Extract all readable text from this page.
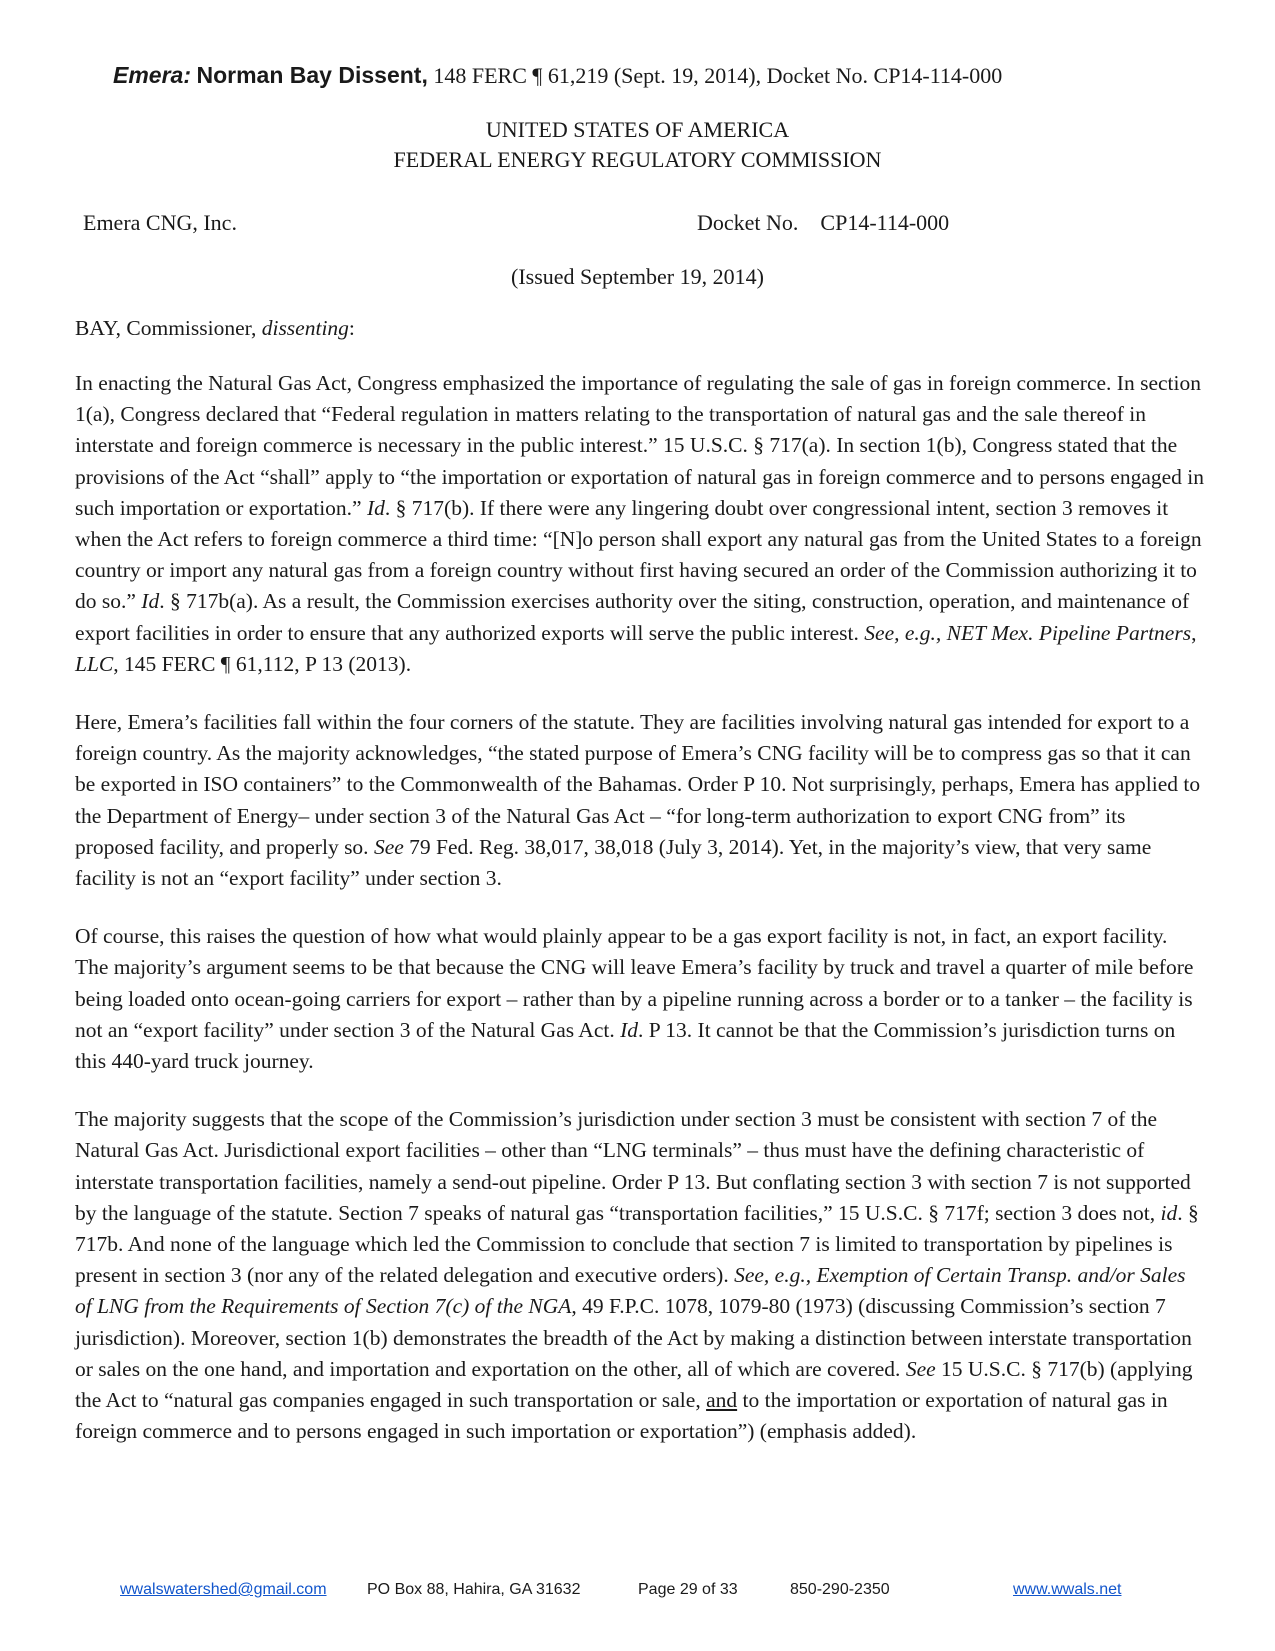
Emera: Norman Bay Dissent, 148 FERC ¶ 61,219 (Sept. 19, 2014), Docket No. CP14-114-000
UNITED STATES OF AMERICA
FEDERAL ENERGY REGULATORY COMMISSION
Emera CNG, Inc.	Docket No. CP14-114-000
(Issued September 19, 2014)
BAY, Commissioner, dissenting:

In enacting the Natural Gas Act, Congress emphasized the importance of regulating the sale of gas in foreign commerce. In section 1(a), Congress declared that “Federal regulation in matters relating to the transportation of natural gas and the sale thereof in interstate and foreign commerce is necessary in the public interest.” 15 U.S.C. § 717(a). In section 1(b), Congress stated that the provisions of the Act “shall” apply to “the importation or exportation of natural gas in foreign commerce and to persons engaged in such importation or exportation.” Id. § 717(b). If there were any lingering doubt over congressional intent, section 3 removes it when the Act refers to foreign commerce a third time: “[N]o person shall export any natural gas from the United States to a foreign country or import any natural gas from a foreign country without first having secured an order of the Commission authorizing it to do so.” Id. § 717b(a). As a result, the Commission exercises authority over the siting, construction, operation, and maintenance of export facilities in order to ensure that any authorized exports will serve the public interest. See, e.g., NET Mex. Pipeline Partners, LLC, 145 FERC ¶ 61,112, P 13 (2013).

Here, Emera’s facilities fall within the four corners of the statute. They are facilities involving natural gas intended for export to a foreign country. As the majority acknowledges, “the stated purpose of Emera’s CNG facility will be to compress gas so that it can be exported in ISO containers” to the Commonwealth of the Bahamas. Order P 10. Not surprisingly, perhaps, Emera has applied to the Department of Energy– under section 3 of the Natural Gas Act – “for long-term authorization to export CNG from” its proposed facility, and properly so. See 79 Fed. Reg. 38,017, 38,018 (July 3, 2014). Yet, in the majority’s view, that very same facility is not an “export facility” under section 3.

Of course, this raises the question of how what would plainly appear to be a gas export facility is not, in fact, an export facility. The majority’s argument seems to be that because the CNG will leave Emera’s facility by truck and travel a quarter of mile before being loaded onto ocean-going carriers for export – rather than by a pipeline running across a border or to a tanker – the facility is not an “export facility” under section 3 of the Natural Gas Act. Id. P 13. It cannot be that the Commission’s jurisdiction turns on this 440-yard truck journey.

The majority suggests that the scope of the Commission’s jurisdiction under section 3 must be consistent with section 7 of the Natural Gas Act. Jurisdictional export facilities – other than “LNG terminals” – thus must have the defining characteristic of interstate transportation facilities, namely a send-out pipeline. Order P 13. But conflating section 3 with section 7 is not supported by the language of the statute. Section 7 speaks of natural gas “transportation facilities,” 15 U.S.C. § 717f; section 3 does not, id. § 717b. And none of the language which led the Commission to conclude that section 7 is limited to transportation by pipelines is present in section 3 (nor any of the related delegation and executive orders). See, e.g., Exemption of Certain Transp. and/or Sales of LNG from the Requirements of Section 7(c) of the NGA, 49 F.P.C. 1078, 1079-80 (1973) (discussing Commission’s section 7 jurisdiction). Moreover, section 1(b) demonstrates the breadth of the Act by making a distinction between interstate transportation or sales on the one hand, and importation and exportation on the other, all of which are covered. See 15 U.S.C. § 717(b) (applying the Act to “natural gas companies engaged in such transportation or sale, and to the importation or exportation of natural gas in foreign commerce and to persons engaged in such importation or exportation”) (emphasis added).

wwalswatershed@gmail.com	PO Box 88, Hahira, GA 31632	Page 29 of 33	850-290-2350	www.wwals.net
